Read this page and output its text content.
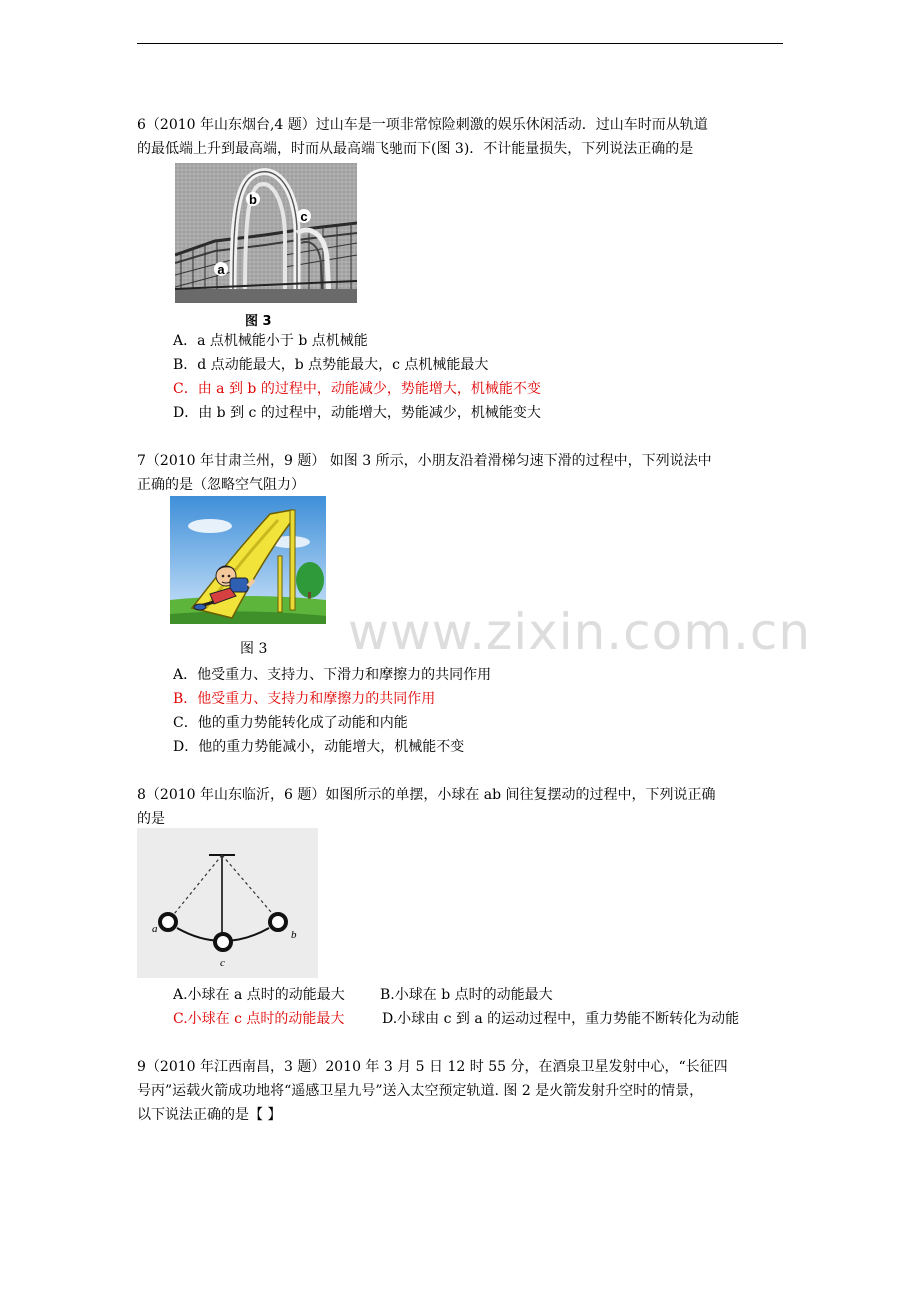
6（2010 年山东烟台,4 题）过山车是一项非常惊险刺激的娱乐休闲活动．过山车时而从轨道
的最低端上升到最高端，时而从最高端飞驰而下(图 3)．不计能量损失，下列说法正确的是
b
c
a
图 3
A．a 点机械能小于 b 点机械能
B．d 点动能最大，b 点势能最大，c 点机械能最大
C．由 a 到 b 的过程中，动能减少，势能增大，机械能不变
D．由 b 到 c 的过程中，动能增大，势能减少，机械能变大
7（2010 年甘肃兰州，9 题） 如图 3 所示，小朋友沿着滑梯匀速下滑的过程中，下列说法中
正确的是（忽略空气阻力）
图 3
A．他受重力、支持力、下滑力和摩擦力的共同作用
B．他受重力、支持力和摩擦力的共同作用
C．他的重力势能转化成了动能和内能
D．他的重力势能减小，动能增大，机械能不变
8（2010 年山东临沂，6 题）如图所示的单摆，小球在 ab 间往复摆动的过程中，下列说正确
的是
a	b
c
A.小球在 a 点时的动能最大	B.小球在 b 点时的动能最大
C.小球在 c 点时的动能最大	D.小球由 c 到 a 的运动过程中，重力势能不断转化为动能
9（2010 年江西南昌，3 题）2010 年 3 月 5 日 12 时 55 分，在酒泉卫星发射中心，“长征四
号丙”运载火箭成功地将“遥感卫星九号”送入太空预定轨道. 图 2 是火箭发射升空时的情景，
以下说法正确的是【 】
www.zixin.com.cn
